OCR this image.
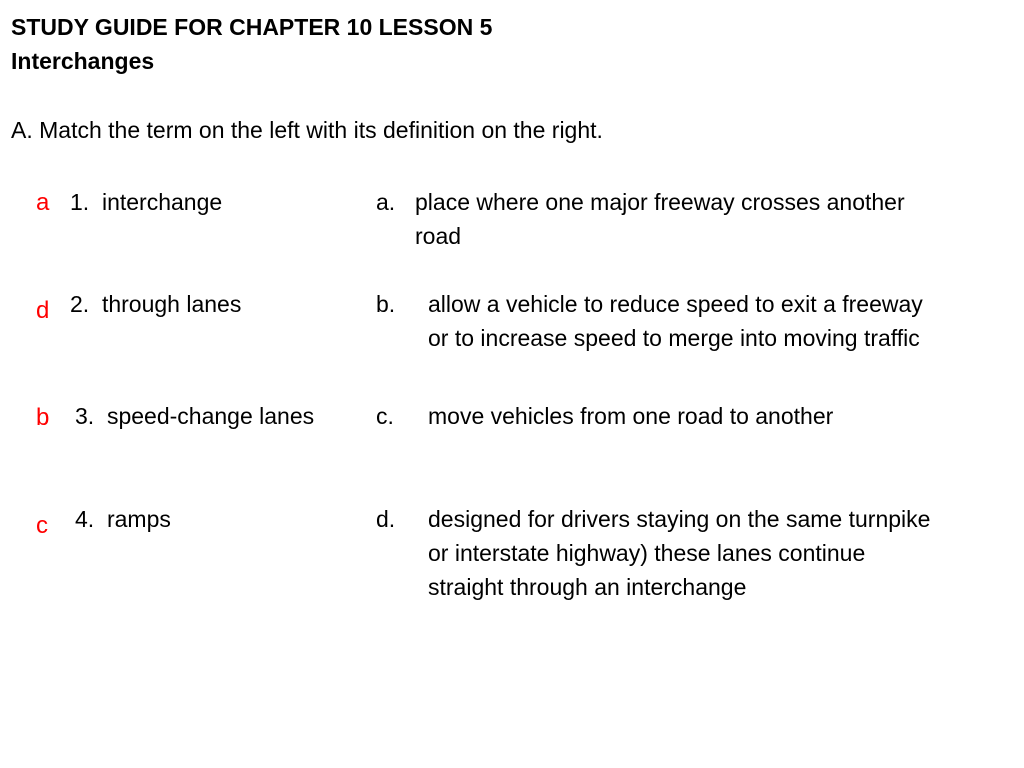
STUDY GUIDE FOR CHAPTER 10 LESSON 5
Interchanges
A. Match the term on the left with its definition on the right.
a
d
b
c
1. interchange
2. through lanes
3. speed-change lanes
4. ramps
a.
b.
c.
d.
place where one major freeway crosses another
road
allow a vehicle to reduce speed to exit a freeway
or to increase speed to merge into moving traffic
move vehicles from one road to another
designed for drivers staying on the same turnpike
or interstate highway) these lanes continue
straight through an interchange
